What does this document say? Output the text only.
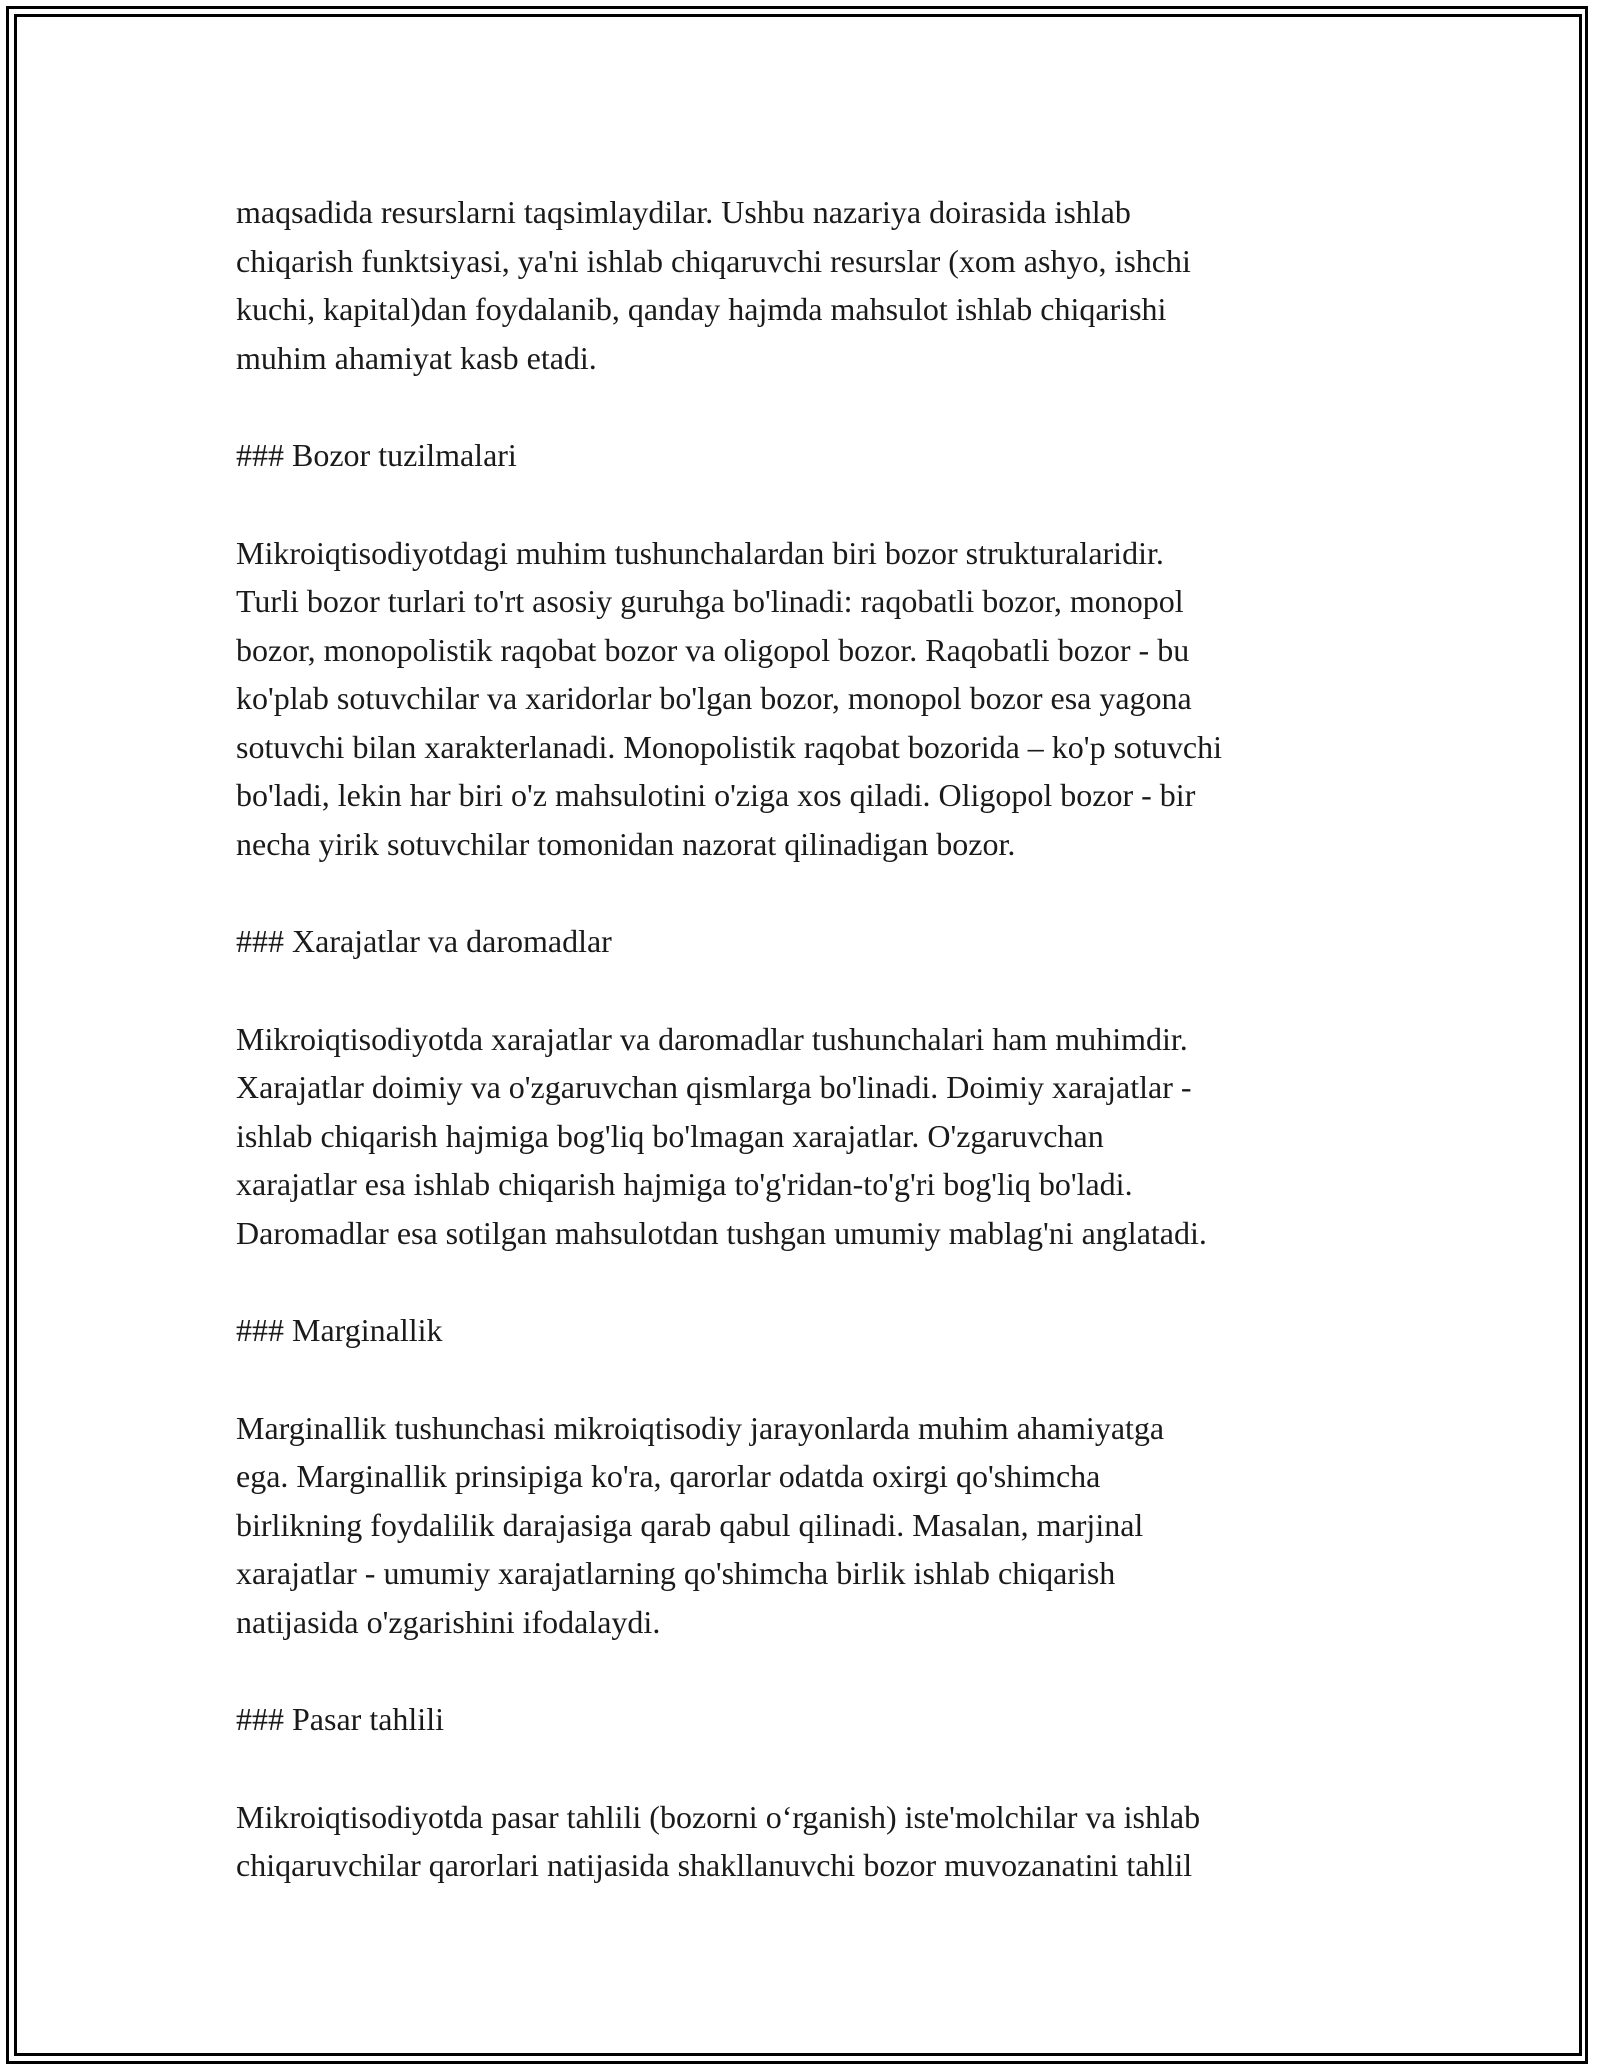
maqsadida resurslarni taqsimlaydilar. Ushbu nazariya doirasida ishlab
chiqarish funktsiyasi, ya'ni ishlab chiqaruvchi resurslar (xom ashyo, ishchi
kuchi, kapital)dan foydalanib, qanday hajmda mahsulot ishlab chiqarishi
muhim ahamiyat kasb etadi.

### Bozor tuzilmalari

Mikroiqtisodiyotdagi muhim tushunchalardan biri bozor strukturalaridir.
Turli bozor turlari to'rt asosiy guruhga bo'linadi: raqobatli bozor, monopol
bozor, monopolistik raqobat bozor va oligopol bozor. Raqobatli bozor - bu
ko'plab sotuvchilar va xaridorlar bo'lgan bozor, monopol bozor esa yagona
sotuvchi bilan xarakterlanadi. Monopolistik raqobat bozorida – ko'p sotuvchi
bo'ladi, lekin har biri o'z mahsulotini o'ziga xos qiladi. Oligopol bozor - bir
necha yirik sotuvchilar tomonidan nazorat qilinadigan bozor.

### Xarajatlar va daromadlar

Mikroiqtisodiyotda xarajatlar va daromadlar tushunchalari ham muhimdir.
Xarajatlar doimiy va o'zgaruvchan qismlarga bo'linadi. Doimiy xarajatlar -
ishlab chiqarish hajmiga bog'liq bo'lmagan xarajatlar. O'zgaruvchan
xarajatlar esa ishlab chiqarish hajmiga to'g'ridan-to'g'ri bog'liq bo'ladi.
Daromadlar esa sotilgan mahsulotdan tushgan umumiy mablag'ni anglatadi.

### Marginallik

Marginallik tushunchasi mikroiqtisodiy jarayonlarda muhim ahamiyatga
ega. Marginallik prinsipiga ko'ra, qarorlar odatda oxirgi qo'shimcha
birlikning foydalilik darajasiga qarab qabul qilinadi. Masalan, marjinal
xarajatlar - umumiy xarajatlarning qo'shimcha birlik ishlab chiqarish
natijasida o'zgarishini ifodalaydi.

### Pasar tahlili

Mikroiqtisodiyotda pasar tahlili (bozorni o‘rganish) iste'molchilar va ishlab
chiqaruvchilar qarorlari natijasida shakllanuvchi bozor muvozanatini tahlil
